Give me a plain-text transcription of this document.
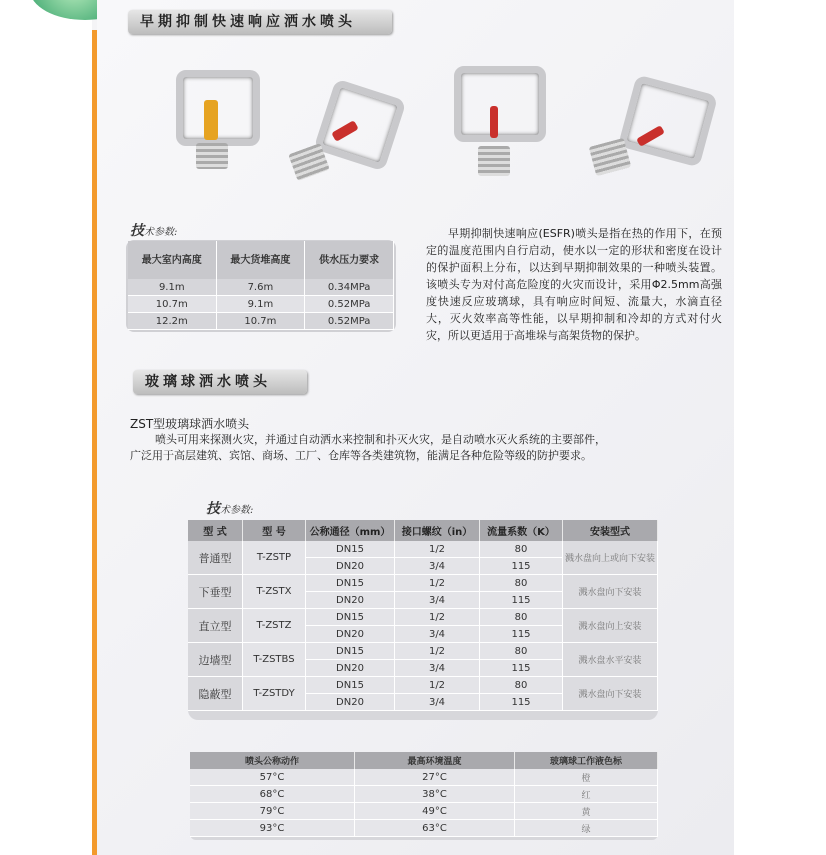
早期抑制快速响应洒水喷头
技术参数:
最大室内高度	最大货堆高度	供水压力要求
9.1m	7.6m	0.34MPa
10.7m	9.1m	0.52MPa
12.2m	10.7m	0.52MPa
早期抑制快速响应(ESFR)喷头是指在热的作用下，在预定的温度范围内自行启动，使水以一定的形状和密度在设计的保护面积上分布，以达到早期抑制效果的一种喷头装置。该喷头专为对付高危险度的火灾而设计，采用Φ2.5mm高强度快速反应玻璃球，具有响应时间短、流量大，水滴直径大，灭火效率高等性能，以早期抑制和冷却的方式对付火灾，所以更适用于高堆垛与高架货物的保护。
玻璃球洒水喷头
ZST型玻璃球洒水喷头
喷头可用来探测火灾，并通过自动洒水来控制和扑灭火灾，是自动喷水灭火系统的主要部件，
广泛用于高层建筑、宾馆、商场、工厂、仓库等各类建筑物，能满足各种危险等级的防护要求。
技术参数:
型 式	型 号	公称通径（mm）	接口螺纹（in）	流量系数（K）	安装型式
普通型	T-ZSTP	DN15	1/2	80	溅水盘向上或向下安装
		DN20	3/4	115	
下垂型	T-ZSTX	DN15	1/2	80	溅水盘向下安装
		DN20	3/4	115	
直立型	T-ZSTZ	DN15	1/2	80	溅水盘向上安装
		DN20	3/4	115	
边墙型	T-ZSTBS	DN15	1/2	80	溅水盘水平安装
		DN20	3/4	115	
隐蔽型	T-ZSTDY	DN15	1/2	80	溅水盘向下安装
		DN20	3/4	115	
喷头公称动作	最高环境温度	玻璃球工作液色标
57°C	27°C	橙
68°C	38°C	红
79°C	49°C	黄
93°C	63°C	绿
